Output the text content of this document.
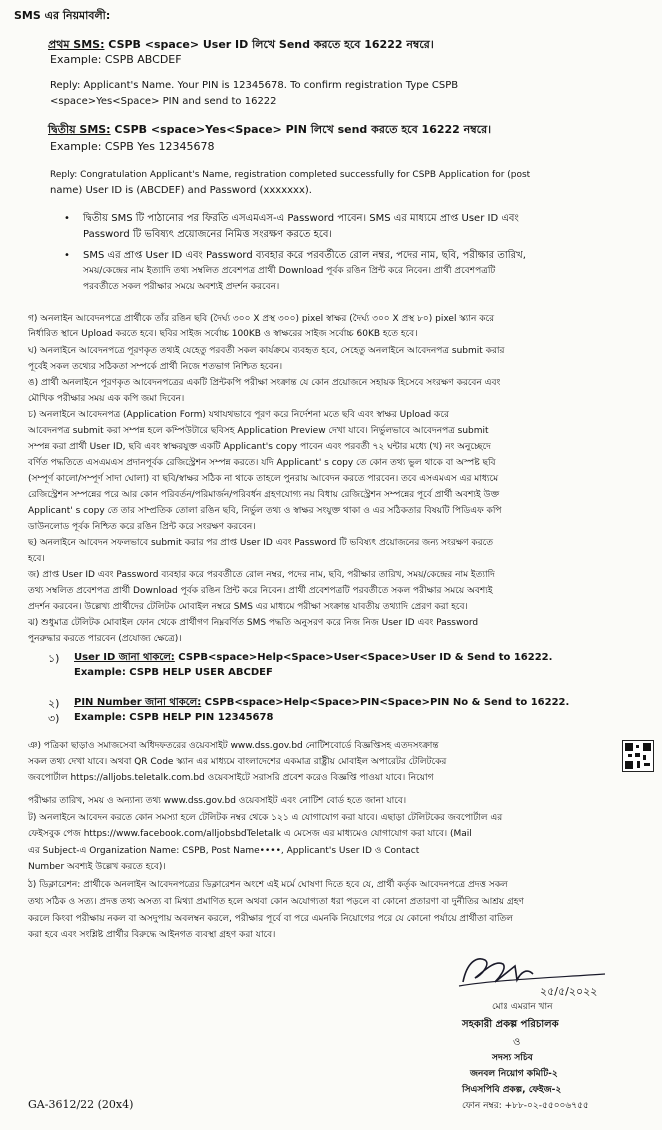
SMS এর নিয়মাবলী:

প্রথম SMS: CSPB <space> User ID লিখে Send করতে হবে 16222 নম্বরে।

Example: CSPB ABCDEF

Reply: Applicant's Name. Your PIN is 12345678. To confirm registration Type CSPB

<space>Yes<Space> PIN and send to 16222

দ্বিতীয় SMS: CSPB <space>Yes<Space> PIN লিখে send করতে হবে 16222 নম্বরে।

Example: CSPB Yes 12345678

Reply: Congratulation Applicant's Name, registration completed successfully for CSPB Application for (post

name) User ID is (ABCDEF) and Password (xxxxxxx).

• দ্বিতীয় SMS টি পাঠানোর পর ফিরতি এসএমএস-এ Password পাবেন। SMS এর মাধ্যমে প্রাপ্ত User ID এবং

Password টি ভবিষ্যৎ প্রয়োজনের নিমিত্ত সংরক্ষণ করতে হবে।

• SMS এর প্রাপ্ত User ID এবং Password ব্যবহার করে পরবর্তীতে রোল নম্বর, পদের নাম, ছবি, পরীক্ষার তারিখ,

সময়/কেন্দ্রের নাম ইত্যাদি তথ্য সম্বলিত প্রবেশপত্র প্রার্থী Download পূর্বক রঙিন প্রিন্ট করে নিবেন। প্রার্থী প্রবেশপত্রটি

পরবর্তীতে সকল পরীক্ষার সময়ে অবশ্যই প্রদর্শন করবেন।

গ) অনলাইন আবেদনপত্রে প্রার্থীকে তাঁর রঙিন ছবি (দৈর্ঘ্য ৩০০ X প্রস্থ ৩০০) pixel স্বাক্ষর (দৈর্ঘ্য ৩০০ X প্রস্থ ৮০) pixel স্ক্যান করে

নির্ধারিত স্থানে Upload করতে হবে। ছবির সাইজ সর্বোচ্চ 100KB ও স্বাক্ষরের সাইজ সর্বোচ্চ 60KB হতে হবে।

ঘ) অনলাইনে আবেদনপত্রে পূরণকৃত তথ্যই যেহেতু পরবর্তী সকল কার্যক্রমে ব্যবহৃত হবে, সেহেতু অনলাইনে আবেদনপত্র submit করার

পূর্বেই সকল তথ্যের সঠিকতা সম্পর্কে প্রার্থী নিজে শতভাগ নিশ্চিত হবেন।

ঙ) প্রার্থী অনলাইনে পূরণকৃত আবেদনপত্রের একটি প্রিন্টকপি পরীক্ষা সংক্রান্ত যে কোন প্রয়োজনে সহায়ক হিসেবে সংরক্ষণ করবেন এবং

মৌখিক পরীক্ষার সময় এক কপি জমা দিবেন।

চ) অনলাইনে আবেদনপত্র (Application Form) যথাযথভাবে পূরণ করে নির্দেশনা মতে ছবি এবং স্বাক্ষর Upload করে

আবেদনপত্র submit করা সম্পন্ন হলে কম্পিউটারে ছবিসহ Application Preview দেখা যাবে। নির্ভুলভাবে আবেদনপত্র submit

সম্পন্ন করা প্রার্থী User ID, ছবি এবং স্বাক্ষরযুক্ত একটি Applicant's copy পাবেন এবং পরবর্তী ৭২ ঘন্টার মধ্যে (খ) নং অনুচ্ছেদে

বর্ণিত পদ্ধতিতে এসএমএস প্রদানপূর্বক রেজিস্ট্রেশন সম্পন্ন করতে। যদি Applicant' s copy তে কোন তথ্য ভুল থাকে বা অস্পষ্ট ছবি

(সম্পূর্ণ কালো/সম্পূর্ণ সাদা ঘোলা) বা ছবি/স্বাক্ষর সঠিক না থাকে তাহলে পুনরায় আবেদন করতে পারবেন। তবে এসএমএস এর মাধ্যমে

রেজিস্ট্রেশন সম্পন্নের পরে আর কোন পরিবর্তন/পরিমার্জন/পরিবর্ধন গ্রহণযোগ্য নয় বিধায় রেজিস্ট্রেশন সম্পন্নের পূর্বে প্রার্থী অবশ্যই উক্ত

Applicant' s copy তে তার সাম্প্রতিক তোলা রঙিন ছবি, নির্ভুল তথ্য ও স্বাক্ষর সংযুক্ত থাকা ও এর সঠিকতার বিষয়টি পিডিএফ কপি

ডাউনলোড পূর্বক নিশ্চিত করে রঙিন প্রিন্ট করে সংরক্ষণ করবেন।

ছ) অনলাইনে আবেদন সফলভাবে submit করার পর প্রাপ্ত User ID এবং Password টি ভবিষ্যৎ প্রয়োজনের জন্য সংরক্ষণ করতে

হবে।

জ) প্রাপ্ত User ID এবং Password ব্যবহার করে পরবর্তীতে রোল নম্বর, পদের নাম, ছবি, পরীক্ষার তারিখ, সময়/কেন্দ্রের নাম ইত্যাদি

তথ্য সম্বলিত প্রবেশপত্র প্রার্থী Download পূর্বক রঙিন প্রিন্ট করে নিবেন। প্রার্থী প্রবেশপত্রটি পরবর্তীতে সকল পরীক্ষার সময়ে অবশ্যই

প্রদর্শন করবেন। উল্লেখ্য প্রার্থীদের টেলিটক মোবাইল নম্বরে SMS এর মাধ্যমে পরীক্ষা সংক্রান্ত যাবতীয় তথ্যাদি প্রেরণ করা হবে।

ঝ) শুধুমাত্র টেলিটক মোবাইল ফোন থেকে প্রার্থীগণ নিম্নবর্ণিত SMS পদ্ধতি অনুসরণ করে নিজ নিজ User ID এবং Password

পুনরুদ্ধার করতে পারবেন (প্রযোজ্য ক্ষেত্রে)।

১) User ID জানা থাকলে: CSPB<space>Help<Space>User<Space>User ID & Send to 16222.

Example: CSPB HELP USER ABCDEF

২) PIN Number জানা থাকলে: CSPB<space>Help<Space>PIN<Space>PIN No & Send to 16222.

৩) Example: CSPB HELP PIN 12345678

ঞ) পত্রিকা ছাড়াও সমাজসেবা অধিদফতরের ওয়েবসাইট www.dss.gov.bd নোটিশবোর্ডে বিজ্ঞপ্তিসহ এতদসংক্রান্ত

সকল তথ্য দেখা যাবে। অথবা QR Code স্ক্যান এর মাধ্যমে বাংলাদেশের একমাত্র রাষ্ট্রীয় মোবাইল অপারেটর টেলিটকের

জবপোর্টাল https://alljobs.teletalk.com.bd ওয়েবসাইটে সরাসরি প্রবেশ করেও বিজ্ঞপ্তি পাওয়া যাবে। নিয়োগ

পরীক্ষার তারিখ, সময় ও অন্যান্য তথ্য www.dss.gov.bd ওয়েবসাইট এবং নোটিশ বোর্ড হতে জানা যাবে।

ট) অনলাইনে আবেদন করতে কোন সমস্যা হলে টেলিটক নম্বর থেকে ১২১ এ যোগাযোগ করা যাবে। এছাড়া টেলিটকের জবপোর্টাল এর

ফেইসবুক পেজ https://www.facebook.com/alljobsbdTeletalk এ মেসেজ এর মাধ্যমেও যোগাযোগ করা যাবে। (Mail

এর Subject-এ Organization Name: CSPB, Post Name••••, Applicant's User ID ও Contact

Number অবশ্যই উল্লেখ করতে হবে)।

ঠ) ডিক্লারেশন: প্রার্থীকে অনলাইন আবেদনপত্রের ডিক্লারেশন অংশে এই মর্মে ঘোষণা দিতে হবে যে, প্রার্থী কর্তৃক আবেদনপত্রে প্রদত্ত সকল

তথ্য সঠিক ও সত্য। প্রদত্ত তথ্য অসত্য বা মিথ্যা প্রমাণিত হলে অথবা কোন অযোগ্যতা ধরা পড়লে বা কোনো প্রতারণা বা দুর্নীতির আশ্রয় গ্রহণ

করলে কিংবা পরীক্ষায় নকল বা অসদুপায় অবলম্বন করলে, পরীক্ষার পূর্বে বা পরে এমনকি নিয়োগের পরে যে কোনো পর্যায়ে প্রার্থীতা বাতিল

করা হবে এবং সংশ্লিষ্ট প্রার্থীর বিরুদ্ধে আইনগত ব্যবস্থা গ্রহণ করা যাবে।

২৫/৫/২০২২

মোঃ এমরান খান

সহকারী প্রকল্প পরিচালক

ও

সদস্য সচিব

জনবল নিয়োগ কমিটি-২

সিএসপিবি প্রকল্প, ফেইজ-২

ফোন নম্বর: +৮৮-০২-৫৫০০৬৭৫৫

GA-3612/22 (20x4)
